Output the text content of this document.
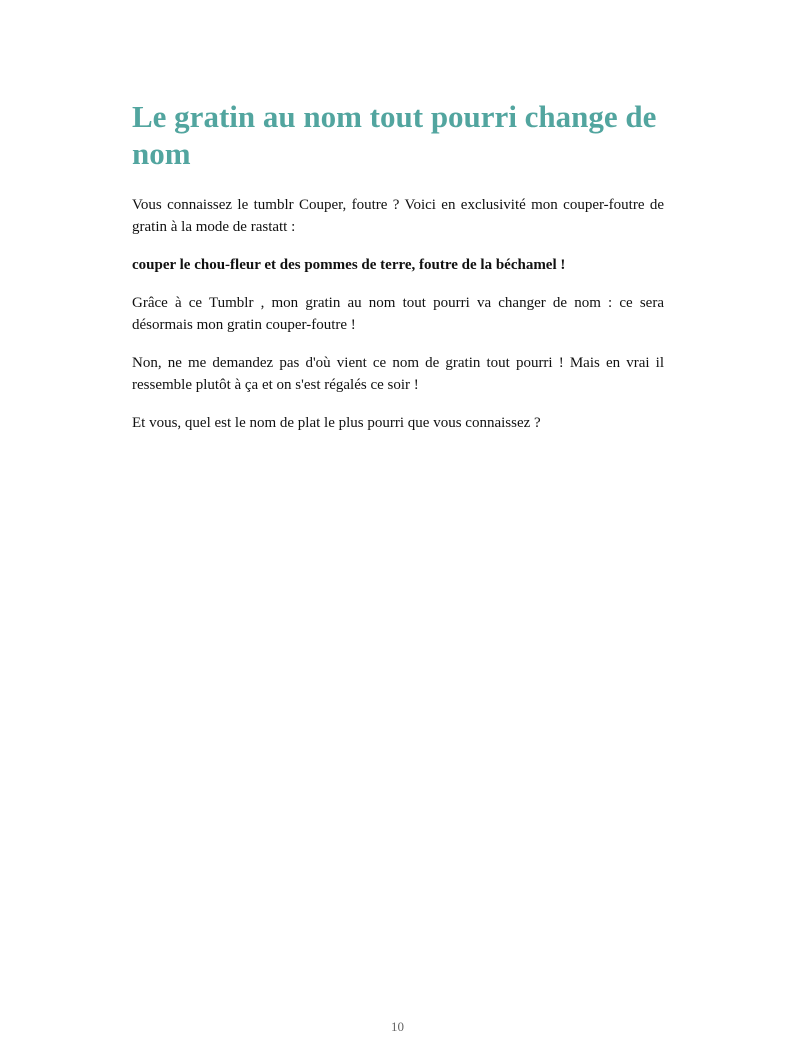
Le gratin au nom tout pourri change de nom

Vous connaissez le tumblr Couper, foutre ? Voici en exclusivité mon couper-foutre de gratin à la mode de rastatt :

couper le chou-fleur et des pommes de terre, foutre de la béchamel !

Grâce à ce Tumblr , mon gratin au nom tout pourri va changer de nom : ce sera désormais mon gratin couper-foutre !

Non, ne me demandez pas d'où vient ce nom de gratin tout pourri ! Mais en vrai il ressemble plutôt à ça et on s'est régalés ce soir !

Et vous, quel est le nom de plat le plus pourri que vous connaissez ?

10
